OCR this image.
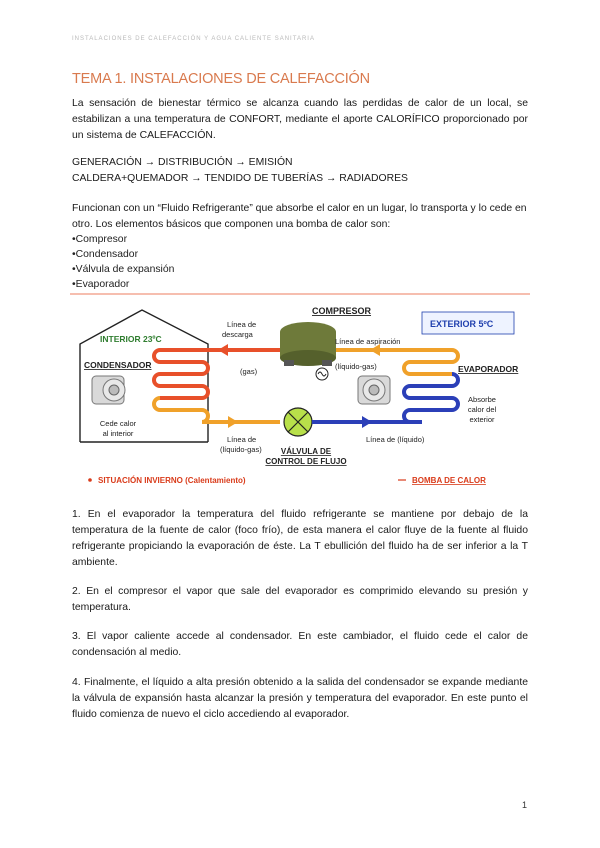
INSTALACIONES DE CALEFACCIÓN Y AGUA CALIENTE SANITARIA
TEMA 1. INSTALACIONES DE CALEFACCIÓN
La sensación de bienestar térmico se alcanza cuando las perdidas de calor de un local, se estabilizan a una temperatura de CONFORT, mediante el aporte CALORÍFICO proporcionado por un sistema de CALEFACCIÓN.
GENERACIÓN → DISTRIBUCIÓN → EMISIÓN
CALDERA+QUEMADOR → TENDIDO DE TUBERÍAS → RADIADORES
Funcionan con un “Fluido Refrigerante” que absorbe el calor en un lugar, lo transporta y lo cede en otro. Los elementos básicos que componen una bomba de calor son:
• Compresor
• Condensador
• Válvula de expansión
• Evaporador
EXTERIOR 5ºC
INTERIOR 23ºC
COMPRESOR
Línea de
descarga
(gas)
Línea de aspiración
(líquido-gas)
CONDENSADOR
Cede calor
al interior
Línea de
(líquido-gas) VÁLVULA DE
CONTROL DE FLUJO
Línea de (líquido)
EVAPORADOR
Absorbe
calor del
exterior
SITUACIÓN INVIERNO (Calentamiento)	BOMBA DE CALOR
1. En el evaporador la temperatura del fluido refrigerante se mantiene por debajo de la temperatura de la fuente de calor (foco frío), de esta manera el calor fluye de la fuente al fluido refrigerante propiciando la evaporación de éste. La T ebullición del fluido ha de ser inferior a la T ambiente.
2. En el compresor el vapor que sale del evaporador es comprimido elevando su presión y temperatura.
3. El vapor caliente accede al condensador. En este cambiador, el fluido cede el calor de condensación al medio.
4. Finalmente, el líquido a alta presión obtenido a la salida del condensador se expande mediante la válvula de expansión hasta alcanzar la presión y temperatura del evaporador. En este punto el fluido comienza de nuevo el ciclo accediendo al evaporador.
1
